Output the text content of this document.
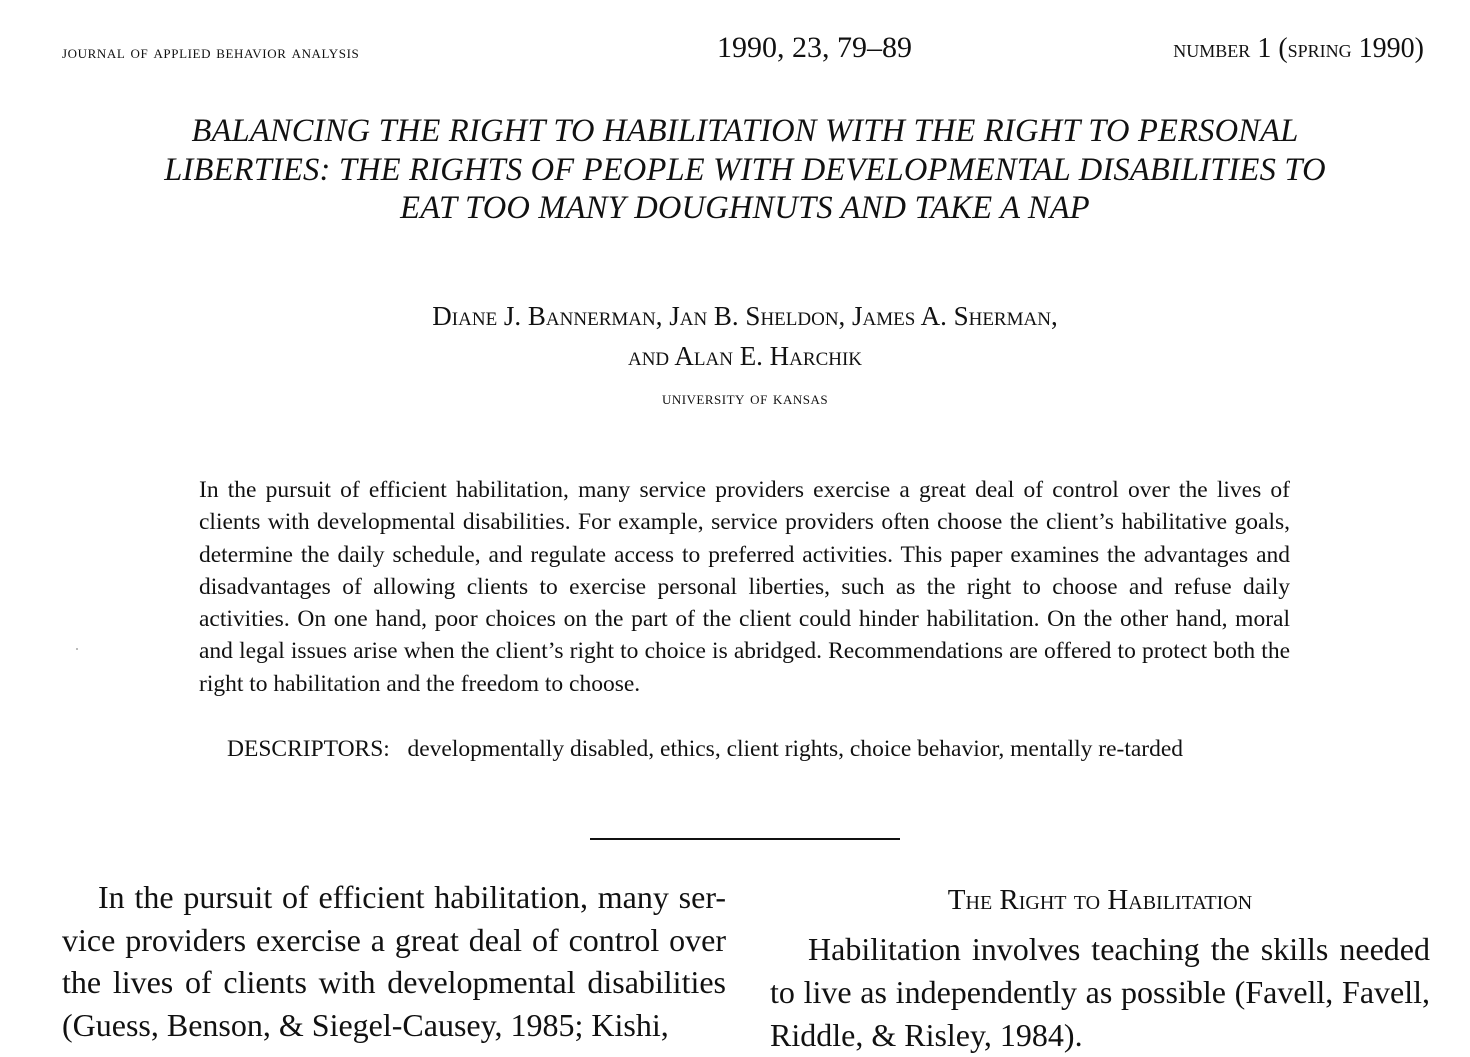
journal of applied behavior analysis	1990, 23, 79–89	number 1 (spring 1990)
BALANCING THE RIGHT TO HABILITATION WITH THE RIGHT TO PERSONAL LIBERTIES: THE RIGHTS OF PEOPLE WITH DEVELOPMENTAL DISABILITIES TO EAT TOO MANY DOUGHNUTS AND TAKE A NAP
Diane J. Bannerman, Jan B. Sheldon, James A. Sherman,
and Alan E. Harchik
university of kansas

In the pursuit of efficient habilitation, many service providers exercise a great deal of control over the lives of clients with developmental disabilities. For example, service providers often choose the client’s habilitative goals, determine the daily schedule, and regulate access to preferred activities. This paper examines the advantages and disadvantages of allowing clients to exercise personal liberties, such as the right to choose and refuse daily activities. On one hand, poor choices on the part of the client could hinder habilitation. On the other hand, moral and legal issues arise when the client’s right to choice is abridged. Recommendations are offered to protect both the right to habilitation and the freedom to choose.

DESCRIPTORS: developmentally disabled, ethics, client rights, choice behavior, mentally re-tarded
In the pursuit of efficient habilitation, many ser-vice providers exercise a great deal of control over the lives of clients with developmental disabilities (Guess, Benson, & Siegel-Causey, 1985; Kishi,
The Right to Habilitation
Habilitation involves teaching the skills needed to live as independently as possible (Favell, Favell, Riddle, & Risley, 1984).
